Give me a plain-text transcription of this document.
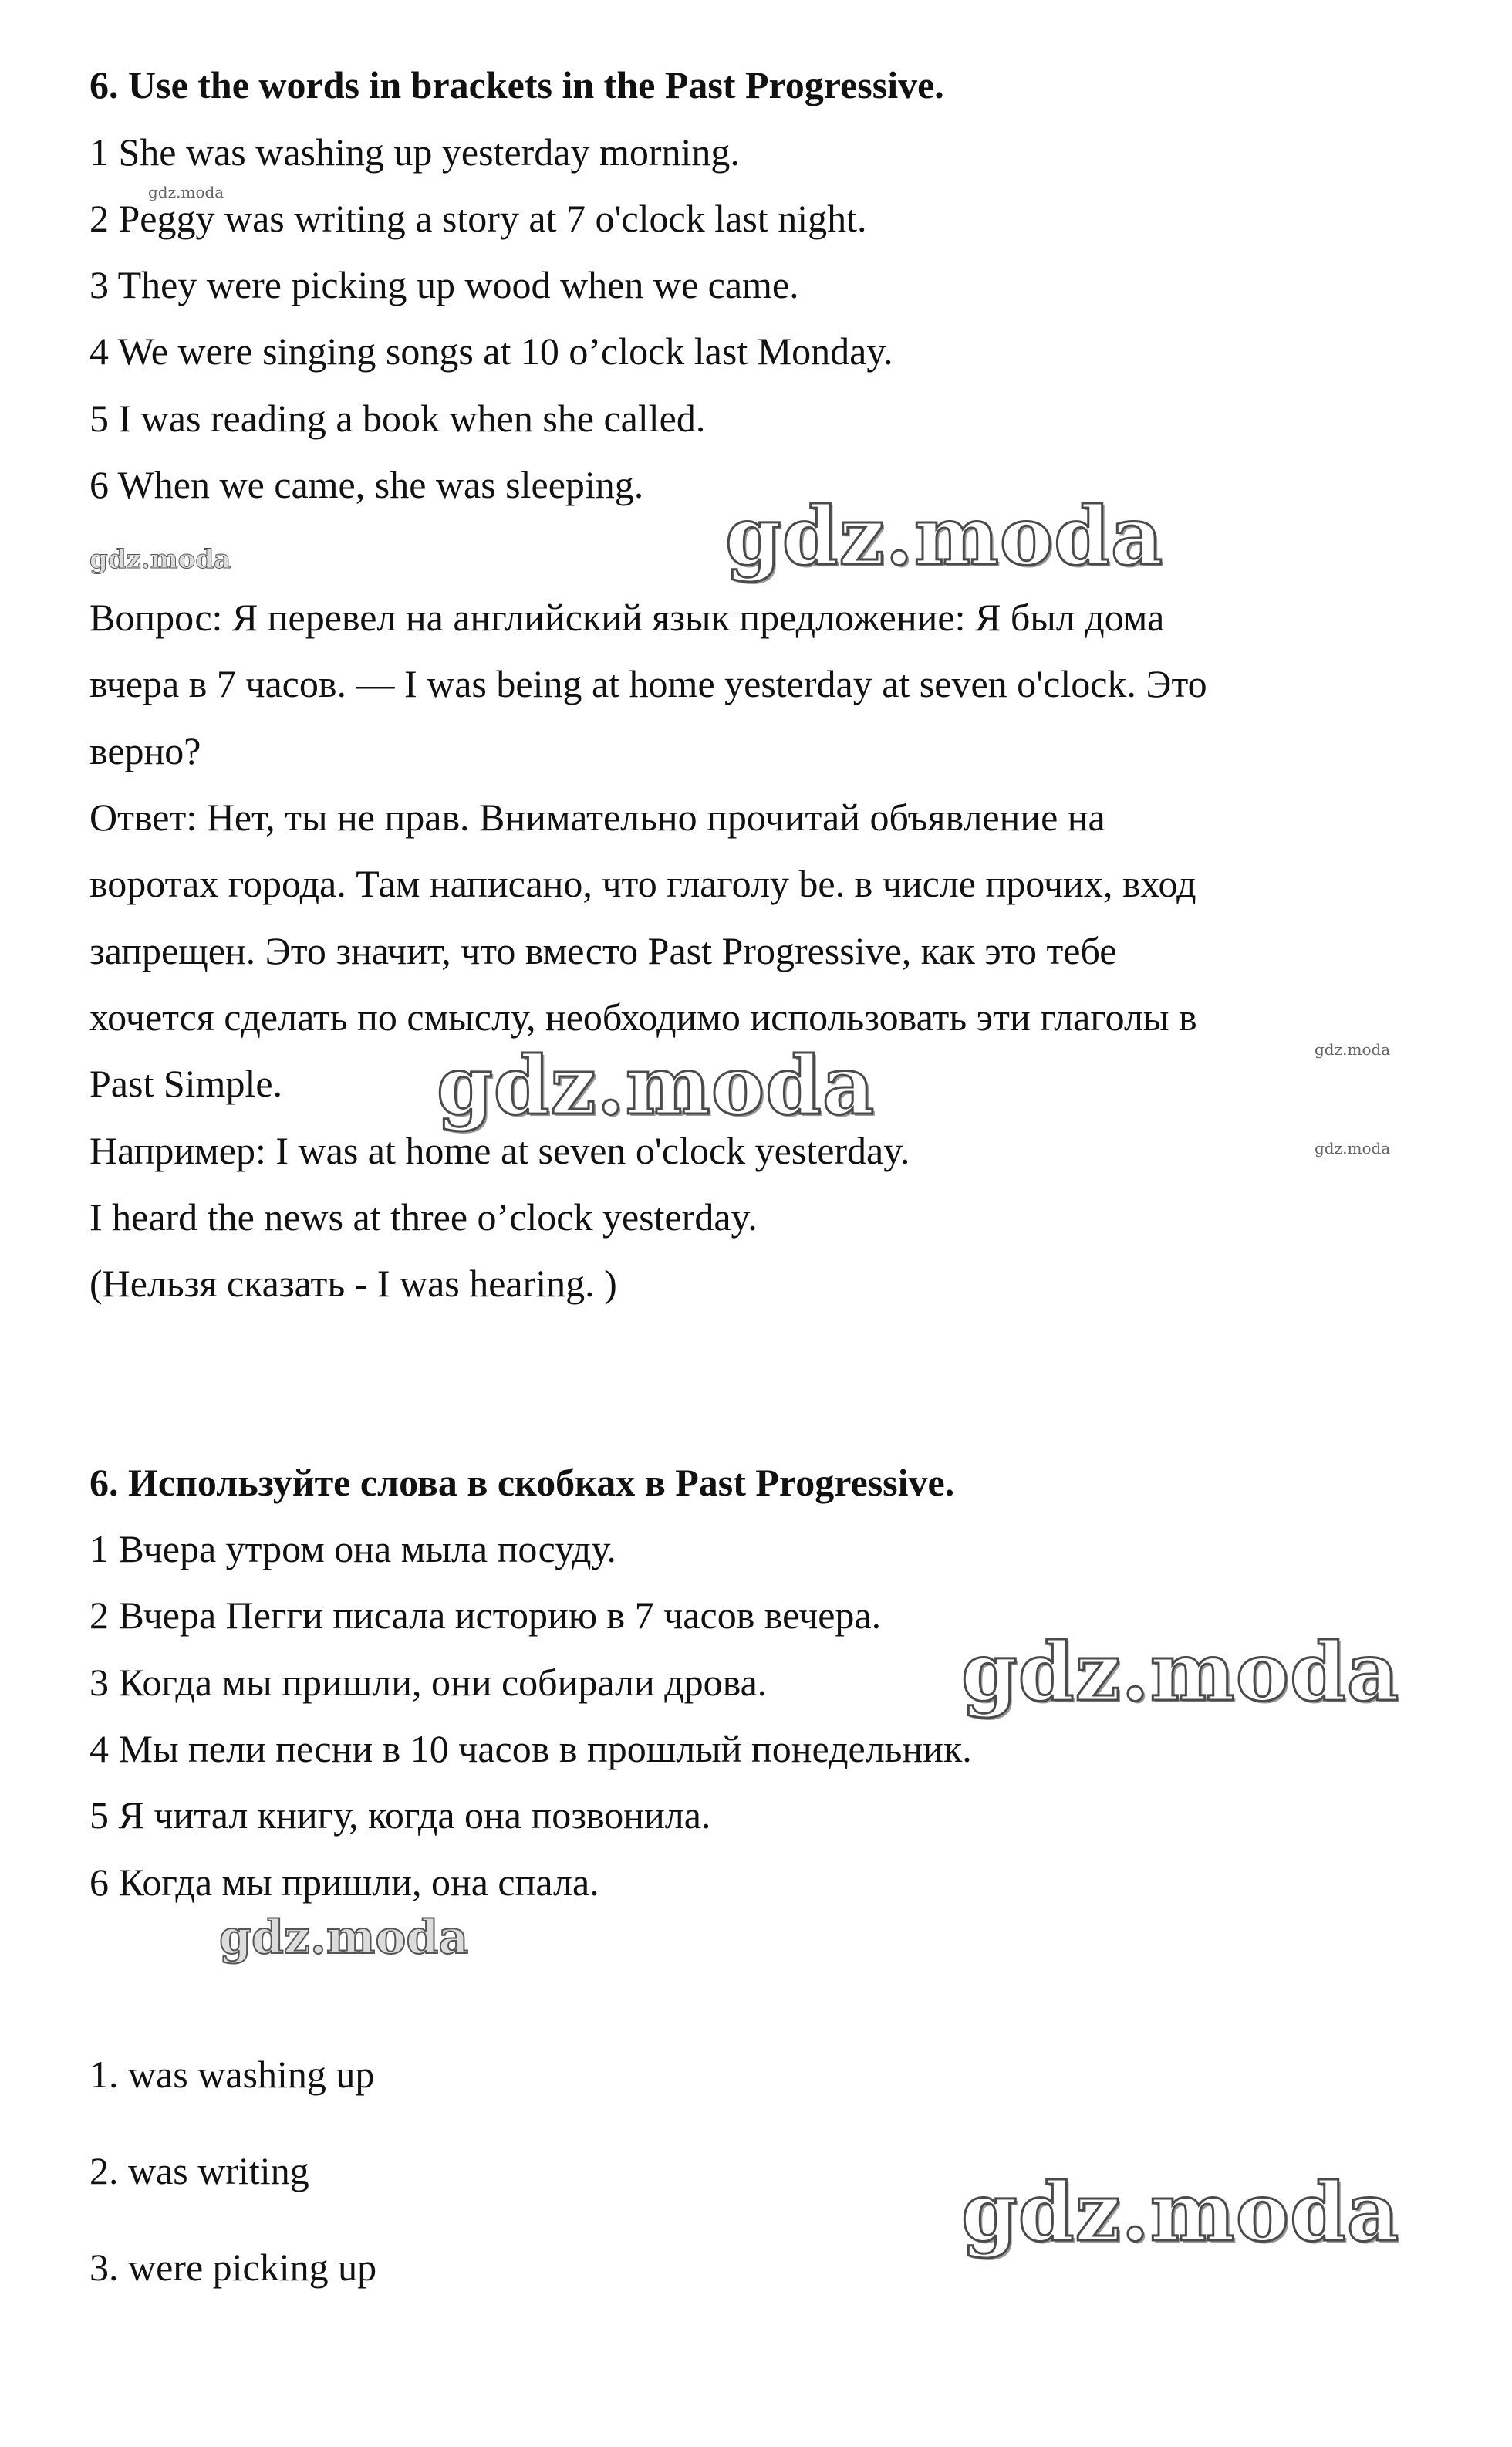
6. Use the words in brackets in the Past Progressive.
1 She was washing up yesterday morning.
2 Peggy was writing a story at 7 o'clock last night.
3 They were picking up wood when we came.
4 We were singing songs at 10 o’clock last Monday.
5 I was reading a book when she called.
6 When we came, she was sleeping.
Вопрос: Я перевел на английский язык предложение: Я был дома
вчера в 7 часов. — I was being at home yesterday at seven o'clock. Это
верно?
Ответ: Нет, ты не прав. Внимательно прочитай объявление на
воротах города. Там написано, что глаголу be. в числе прочих, вход
запрещен. Это значит, что вместо Past Progressive, как это тебе
хочется сделать по смыслу, необходимо использовать эти глаголы в
Past Simple.
Например: I was at home at seven o'clock yesterday.
I heard the news at three o’clock yesterday.
(Нельзя сказать - I was hearing. )
6. Используйте слова в скобках в Past Progressive.
1 Вчера утром она мыла посуду.
2 Вчера Пегги писала историю в 7 часов вечера.
3 Когда мы пришли, они собирали дрова.
4 Мы пели песни в 10 часов в прошлый понедельник.
5 Я читал книгу, когда она позвонила.
6 Когда мы пришли, она спала.
1. was washing up
2. was writing
3. were picking up
gdz.moda
gdz.moda	gdz.moda
gdz.moda
gdz.moda
gdz.moda
gdz.moda
gdz.moda
gdz.moda
